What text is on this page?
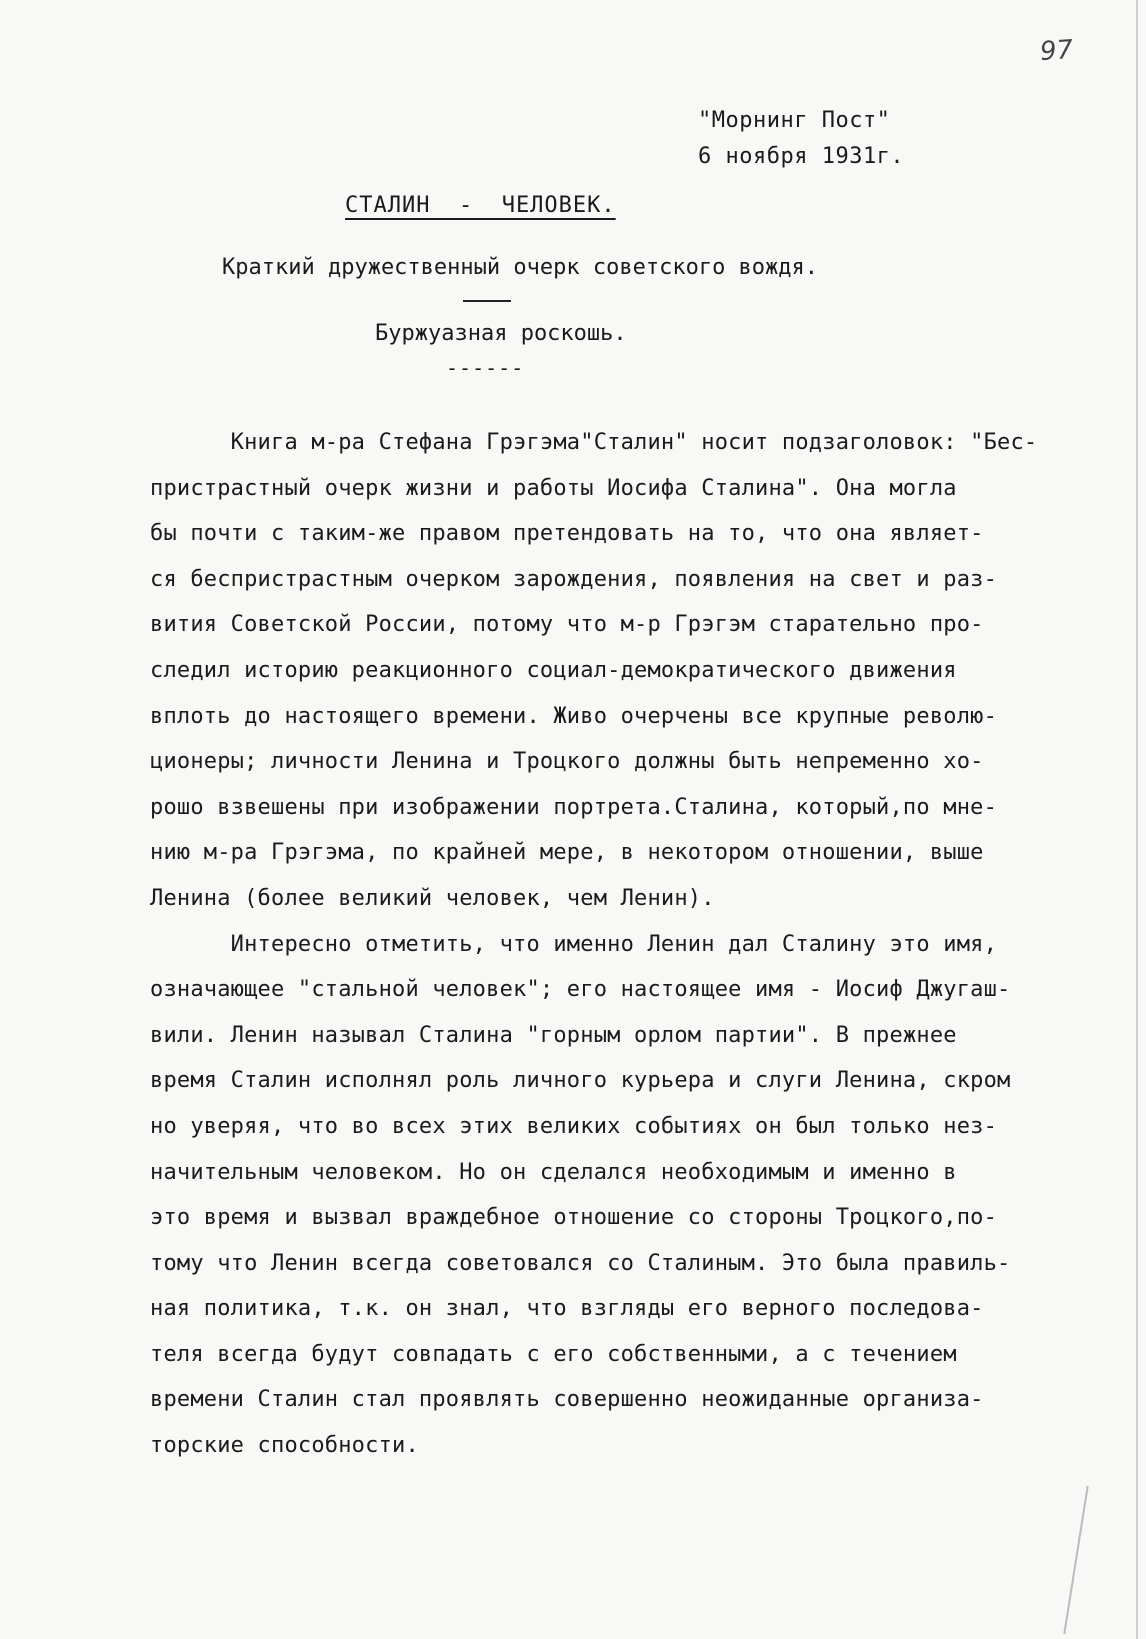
97
"Морнинг Пост"
6 ноября 1931г.
СТАЛИН  -  ЧЕЛОВЕК.
Краткий дружественный очерк советского вождя.
Буржуазная роскошь.
------
Книга м-ра Стефана Грэгэма"Сталин" носит подзаголовок: "Бес-
пристрастный очерк жизни и работы Иосифа Сталина". Она могла
бы почти с таким-же правом претендовать на то, что она являет-
ся беспристрастным очерком зарождения, появления на свет и раз-
вития Советской России, потому что м-р Грэгэм старательно про-
следил историю реакционного социал-демократического движения
вплоть до настоящего времени. Живо очерчены все крупные револю-
ционеры; личности Ленина и Троцкого должны быть непременно хо-
рошо взвешены при изображении портрета.Сталина, который,по мне-
нию м-ра Грэгэма, по крайней мере, в некотором отношении, выше
Ленина (более великий человек, чем Ленин).
Интересно отметить, что именно Ленин дал Сталину это имя,
означающее "стальной человек"; его настоящее имя - Иосиф Джугаш-
вили. Ленин называл Сталина "горным орлом партии". В прежнее
время Сталин исполнял роль личного курьера и слуги Ленина, скром
но уверяя, что во всех этих великих событиях он был только нез-
начительным человеком. Но он сделался необходимым и именно в
это время и вызвал враждебное отношение со стороны Троцкого,по-
тому что Ленин всегда советовался со Сталиным. Это была правиль-
ная политика, т.к. он знал, что взгляды его верного последова-
теля всегда будут совпадать с его собственными, а с течением
времени Сталин стал проявлять совершенно неожиданные организа-
торские способности.
